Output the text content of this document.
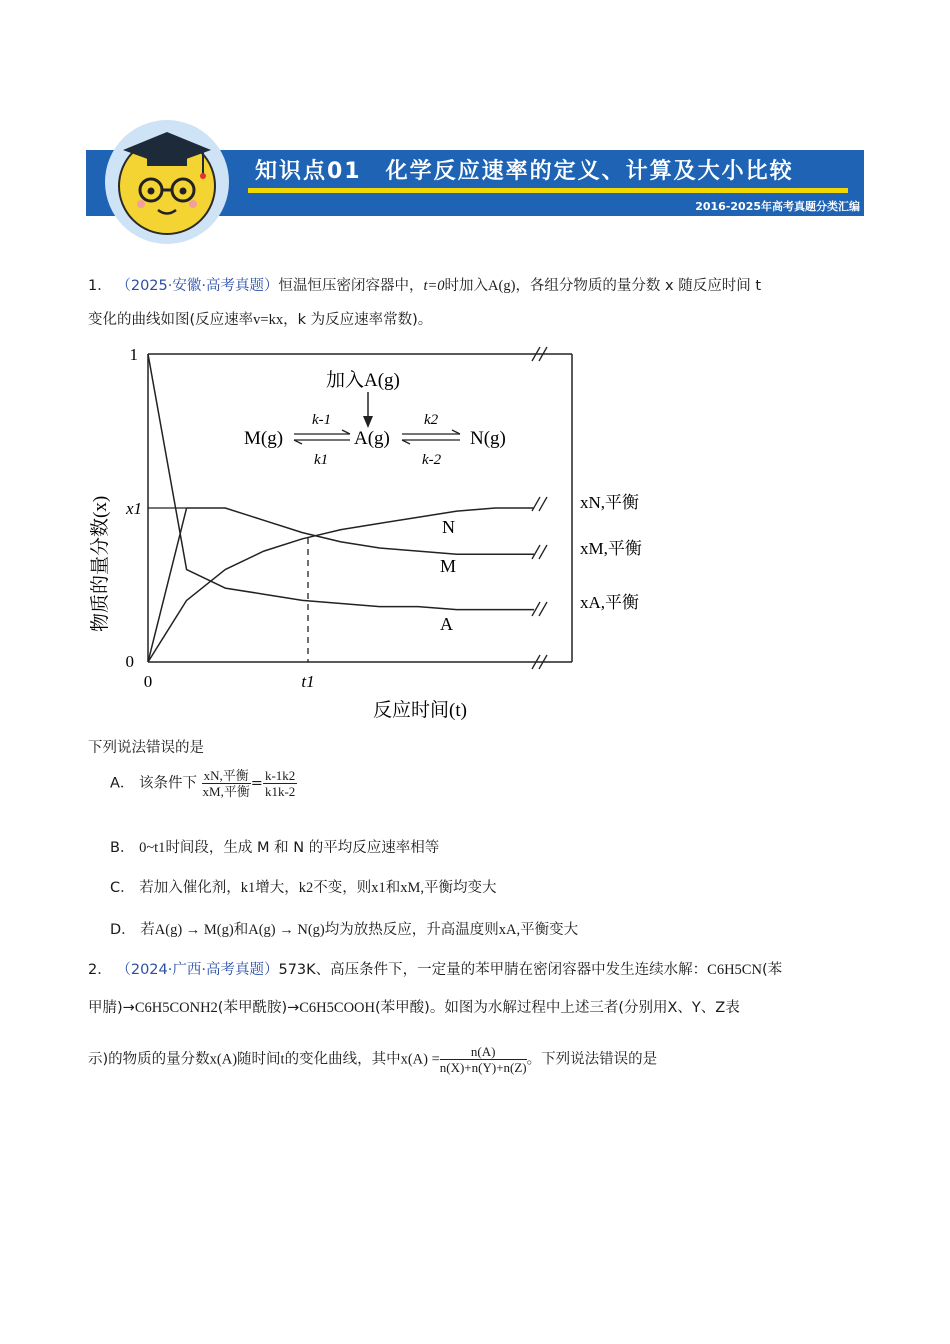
知识点01　化学反应速率的定义、计算及大小比较
2016-2025年高考真题分类汇编
1． （2025·安徽·高考真题）恒温恒压密闭容器中，t=0时加入A(g)，各组分物质的量分数 x 随反应时间 t
变化的曲线如图(反应速率v=kx，k 为反应速率常数)。
0
1
x1
0	t1
反应时间(t)
物质的量分数(x)	xN,平衡
xM,平衡
xA,平衡
N
M
A
加入A(g)
M(g)	A(g)	N(g)
k-1
k1
k2
k-2
下列说法错误的是
A． 该条件下 $\frac{\text{xN,平衡}}{\text{xM,平衡}} = \frac{k-1k2}{k1k-2}$
B． 0~t1时间段，生成 M 和 N 的平均反应速率相等
C． 若加入催化剂，k1增大，k2不变，则x1和xM,平衡均变大
D． 若A(g) → M(g)和A(g) → N(g)均为放热反应，升高温度则xA,平衡变大
2． （2024·广西·高考真题）573K、高压条件下，一定量的苯甲腈在密闭容器中发生连续水解：C6H5CN(苯
甲腈)→C6H5CONH2(苯甲酰胺)→C6H5COOH(苯甲酸)。如图为水解过程中上述三者(分别用X、Y、Z表
示)的物质的量分数x(A)随时间t的变化曲线，其中$x(A) = \frac{n(A)}{n(X)+n(Y)+n(Z)}$ 。下列说法错误的是
